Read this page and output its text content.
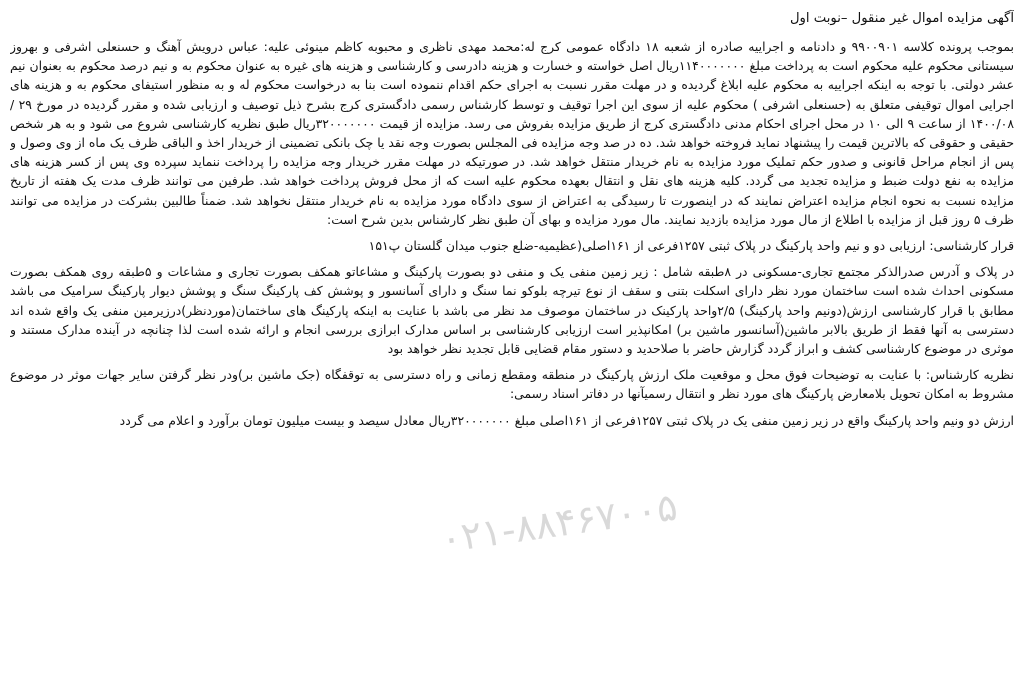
۰۲۱-۸۸۴۶۷۰۰۵
آگهی مزایده اموال غیر منقول –نوبت اول

بموجب پرونده کلاسه ۹۹۰۰۹۰۱ و دادنامه و اجراییه صادره از شعبه ۱۸ دادگاه عمومی کرج له:محمد مهدی ناظری و محبوبه کاظم مینوئی علیه: عباس درویش آهنگ و حسنعلی اشرفی و بهروز سیستانی محکوم علیه محکوم است به پرداخت مبلغ ۱۱۴۰۰۰۰۰۰۰ریال اصل خواسته و خسارت و هزینه دادرسی و کارشناسی و هزینه های غیره به عنوان محکوم به و نیم درصد محکوم به بعنوان نیم عشر دولتی. با توجه به اینکه اجراییه به محکوم علیه ابلاغ گردیده و در مهلت مقرر نسبت به اجرای حکم اقدام ننموده است بنا به درخواست محکوم له و به منظور استیفای محکوم به و هزینه های اجرایی اموال توقیفی متعلق به (حسنعلی اشرفی ) محکوم علیه از سوی این اجرا توقیف و توسط کارشناس رسمی دادگستری کرج بشرح ذیل توصیف و ارزیابی شده و مقرر گردیده در مورخ ۲۹ / ۱۴۰۰/۰۸ از ساعت ۹ الی ۱۰ در محل اجرای احکام مدنی دادگستری کرج از طریق مزایده بفروش می رسد. مزایده از قیمت ۳۲۰۰۰۰۰۰۰ریال طبق نظریه کارشناسی شروع می شود و به هر شخص حقیقی و حقوقی که بالاترین قیمت را پیشنهاد نماید فروخته خواهد شد. ده در صد وجه مزایده فی المجلس بصورت وجه نقد یا چک بانکی تضمینی از خریدار اخذ و الباقی ظرف یک ماه از وی وصول و پس از انجام مراحل قانونی و صدور حکم تملیک مورد مزایده به نام خریدار منتقل خواهد شد. در صورتیکه در مهلت مقرر خریدار وجه مزایده را پرداخت ننماید سپرده وی پس از کسر هزینه های مزایده به نفع دولت ضبط و مزایده تجدید می گردد. کلیه هزینه های نقل و انتقال بعهده محکوم علیه است که از محل فروش پرداخت خواهد شد. طرفین می توانند ظرف مدت یک هفته از تاریخ مزایده نسبت به نحوه انجام مزایده اعتراض نمایند که در اینصورت تا رسیدگی به اعتراض از سوی دادگاه مورد مزایده به نام خریدار منتقل نخواهد شد. ضمناً طالبین بشرکت در مزایده می توانند ظرف ۵ روز قبل از مزایده با اطلاع از مال مورد مزایده بازدید نمایند. مال مورد مزایده و بهای آن طبق نظر کارشناس بدین شرح است:

قرار کارشناسی: ارزیابی دو و نیم واحد پارکینگ در پلاک ثبتی ۱۲۵۷فرعی از ۱۶۱اصلی(عظیمیه-ضلع جنوب میدان گلستان پ۱۵۱

در پلاک و آدرس صدرالذکر مجتمع تجاری-مسکونی در ۸طبقه شامل : زیر زمین منفی یک و منفی دو بصورت پارکینگ و مشاعاتو همکف بصورت تجاری و مشاعات و ۵طبقه روی همکف بصورت مسکونی احداث شده است ساختمان مورد نظر دارای اسکلت بتنی و سقف از نوع تیرچه بلوکو نما سنگ و دارای آسانسور و پوشش کف پارکینگ سنگ و پوشش دیوار پارکینگ سرامیک می باشد مطابق با قرار کارشناسی ارزش(دونیم واحد پارکینگ) ۲/۵واحد پارکینک در ساختمان موصوف مد نظر می باشد با عنایت به اینکه پارکینگ های ساختمان(موردنظر)درزیرمین منفی یک واقع شده اند دسترسی به آنها فقط از طریق بالابر ماشین(آسانسور ماشین بر) امکانپذیر است ارزیابی کارشناسی بر اساس مدارک ابرازی بررسی انجام و ارائه شده است لذا چنانچه در آینده مدارک مستند و موثری در موضوع کارشناسی کشف و ابراز گردد گزارش حاضر با صلاحدید و دستور مقام قضایی قابل تجدید نظر خواهد بود

نظریه کارشناس: با عنایت به توضیحات فوق محل و موقعیت ملک ارزش پارکینگ در منطقه ومقطع زمانی و راه دسترسی به توقفگاه (جک ماشین بر)ودر نظر گرفتن سایر جهات موثر در موضوع مشروط به امکان تحویل بلامعارض پارکینگ های مورد نظر و انتقال رسمیآنها در دفاتر اسناد رسمی:

ارزش دو ونیم واحد پارکینگ واقع در زیر زمین منفی یک در پلاک ثبتی ۱۲۵۷فرعی از ۱۶۱اصلی مبلغ ۳۲۰۰۰۰۰۰۰ریال معادل سیصد و بیست میلیون تومان برآورد و اعلام می گردد
